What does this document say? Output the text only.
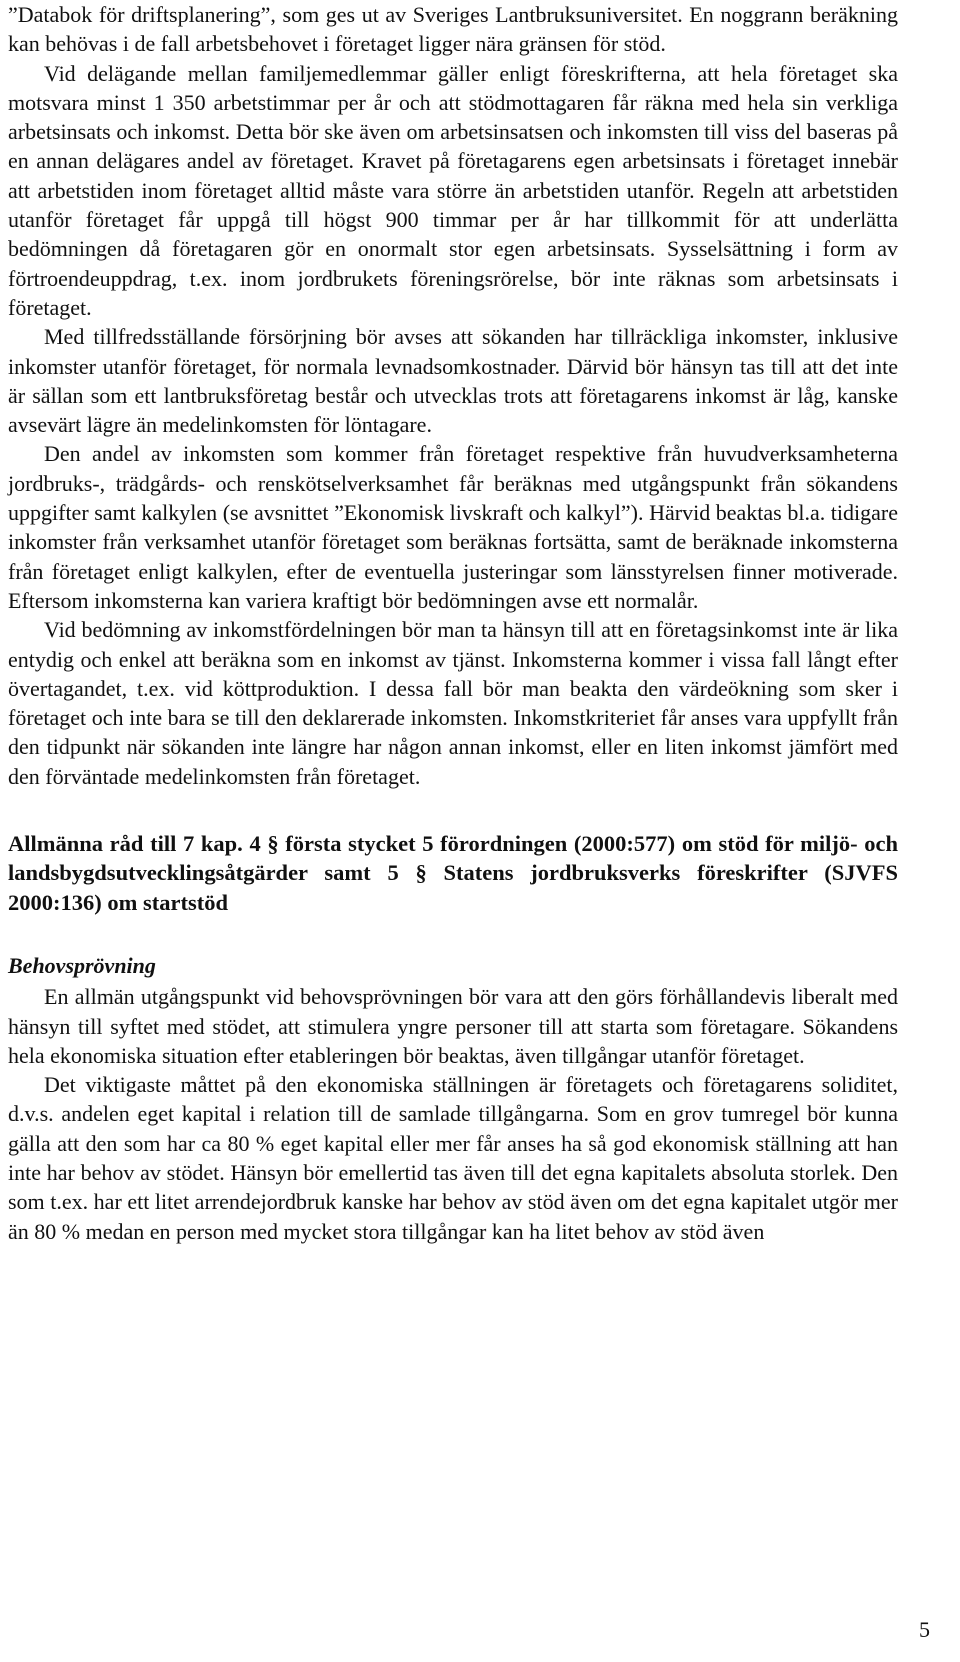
”Databok för driftsplanering”, som ges ut av Sveriges Lantbruksuniversitet. En noggrann beräkning kan behövas i de fall arbetsbehovet i företaget ligger nära gränsen för stöd.

Vid delägande mellan familjemedlemmar gäller enligt föreskrifterna, att hela företaget ska motsvara minst 1 350 arbetstimmar per år och att stödmottagaren får räkna med hela sin verkliga arbetsinsats och inkomst. Detta bör ske även om arbetsinsatsen och inkomsten till viss del baseras på en annan delägares andel av företaget. Kravet på företagarens egen arbetsinsats i företaget innebär att arbetstiden inom företaget alltid måste vara större än arbetstiden utanför. Regeln att arbetstiden utanför företaget får uppgå till högst 900 timmar per år har tillkommit för att underlätta bedömningen då företagaren gör en onormalt stor egen arbetsinsats. Sysselsättning i form av förtroendeuppdrag, t.ex. inom jordbrukets föreningsrörelse, bör inte räknas som arbetsinsats i företaget.

Med tillfredsställande försörjning bör avses att sökanden har tillräckliga inkomster, inklusive inkomster utanför företaget, för normala levnadsomkostnader. Därvid bör hänsyn tas till att det inte är sällan som ett lantbruksföretag består och utvecklas trots att företagarens inkomst är låg, kanske avsevärt lägre än medelinkomsten för löntagare.

Den andel av inkomsten som kommer från företaget respektive från huvudverksamheterna jordbruks-, trädgårds- och renskötselverksamhet får beräknas med utgångspunkt från sökandens uppgifter samt kalkylen (se avsnittet ”Ekonomisk livskraft och kalkyl”). Härvid beaktas bl.a. tidigare inkomster från verksamhet utanför företaget som beräknas fortsätta, samt de beräknade inkomsterna från företaget enligt kalkylen, efter de eventuella justeringar som länsstyrelsen finner motiverade. Eftersom inkomsterna kan variera kraftigt bör bedömningen avse ett normalår.

Vid bedömning av inkomstfördelningen bör man ta hänsyn till att en företagsinkomst inte är lika entydig och enkel att beräkna som en inkomst av tjänst. Inkomsterna kommer i vissa fall långt efter övertagandet, t.ex. vid köttproduktion. I dessa fall bör man beakta den värdeökning som sker i företaget och inte bara se till den deklarerade inkomsten. Inkomstkriteriet får anses vara uppfyllt från den tidpunkt när sökanden inte längre har någon annan inkomst, eller en liten inkomst jämfört med den förväntade medelinkomsten från företaget.

Allmänna råd till 7 kap. 4 § första stycket 5 förordningen (2000:577) om stöd för miljö- och landsbygdsutvecklingsåtgärder samt 5 § Statens jordbruksverks föreskrifter (SJVFS 2000:136) om startstöd
Behovsprövning

En allmän utgångspunkt vid behovsprövningen bör vara att den görs förhållandevis liberalt med hänsyn till syftet med stödet, att stimulera yngre personer till att starta som företagare. Sökandens hela ekonomiska situation efter etableringen bör beaktas, även tillgångar utanför företaget.

Det viktigaste måttet på den ekonomiska ställningen är företagets och företagarens soliditet, d.v.s. andelen eget kapital i relation till de samlade tillgångarna. Som en grov tumregel bör kunna gälla att den som har ca 80 % eget kapital eller mer får anses ha så god ekonomisk ställning att han inte har behov av stödet. Hänsyn bör emellertid tas även till det egna kapitalets absoluta storlek. Den som t.ex. har ett litet arrendejordbruk kanske har behov av stöd även om det egna kapitalet utgör mer än 80 % medan en person med mycket stora tillgångar kan ha litet behov av stöd även

5
